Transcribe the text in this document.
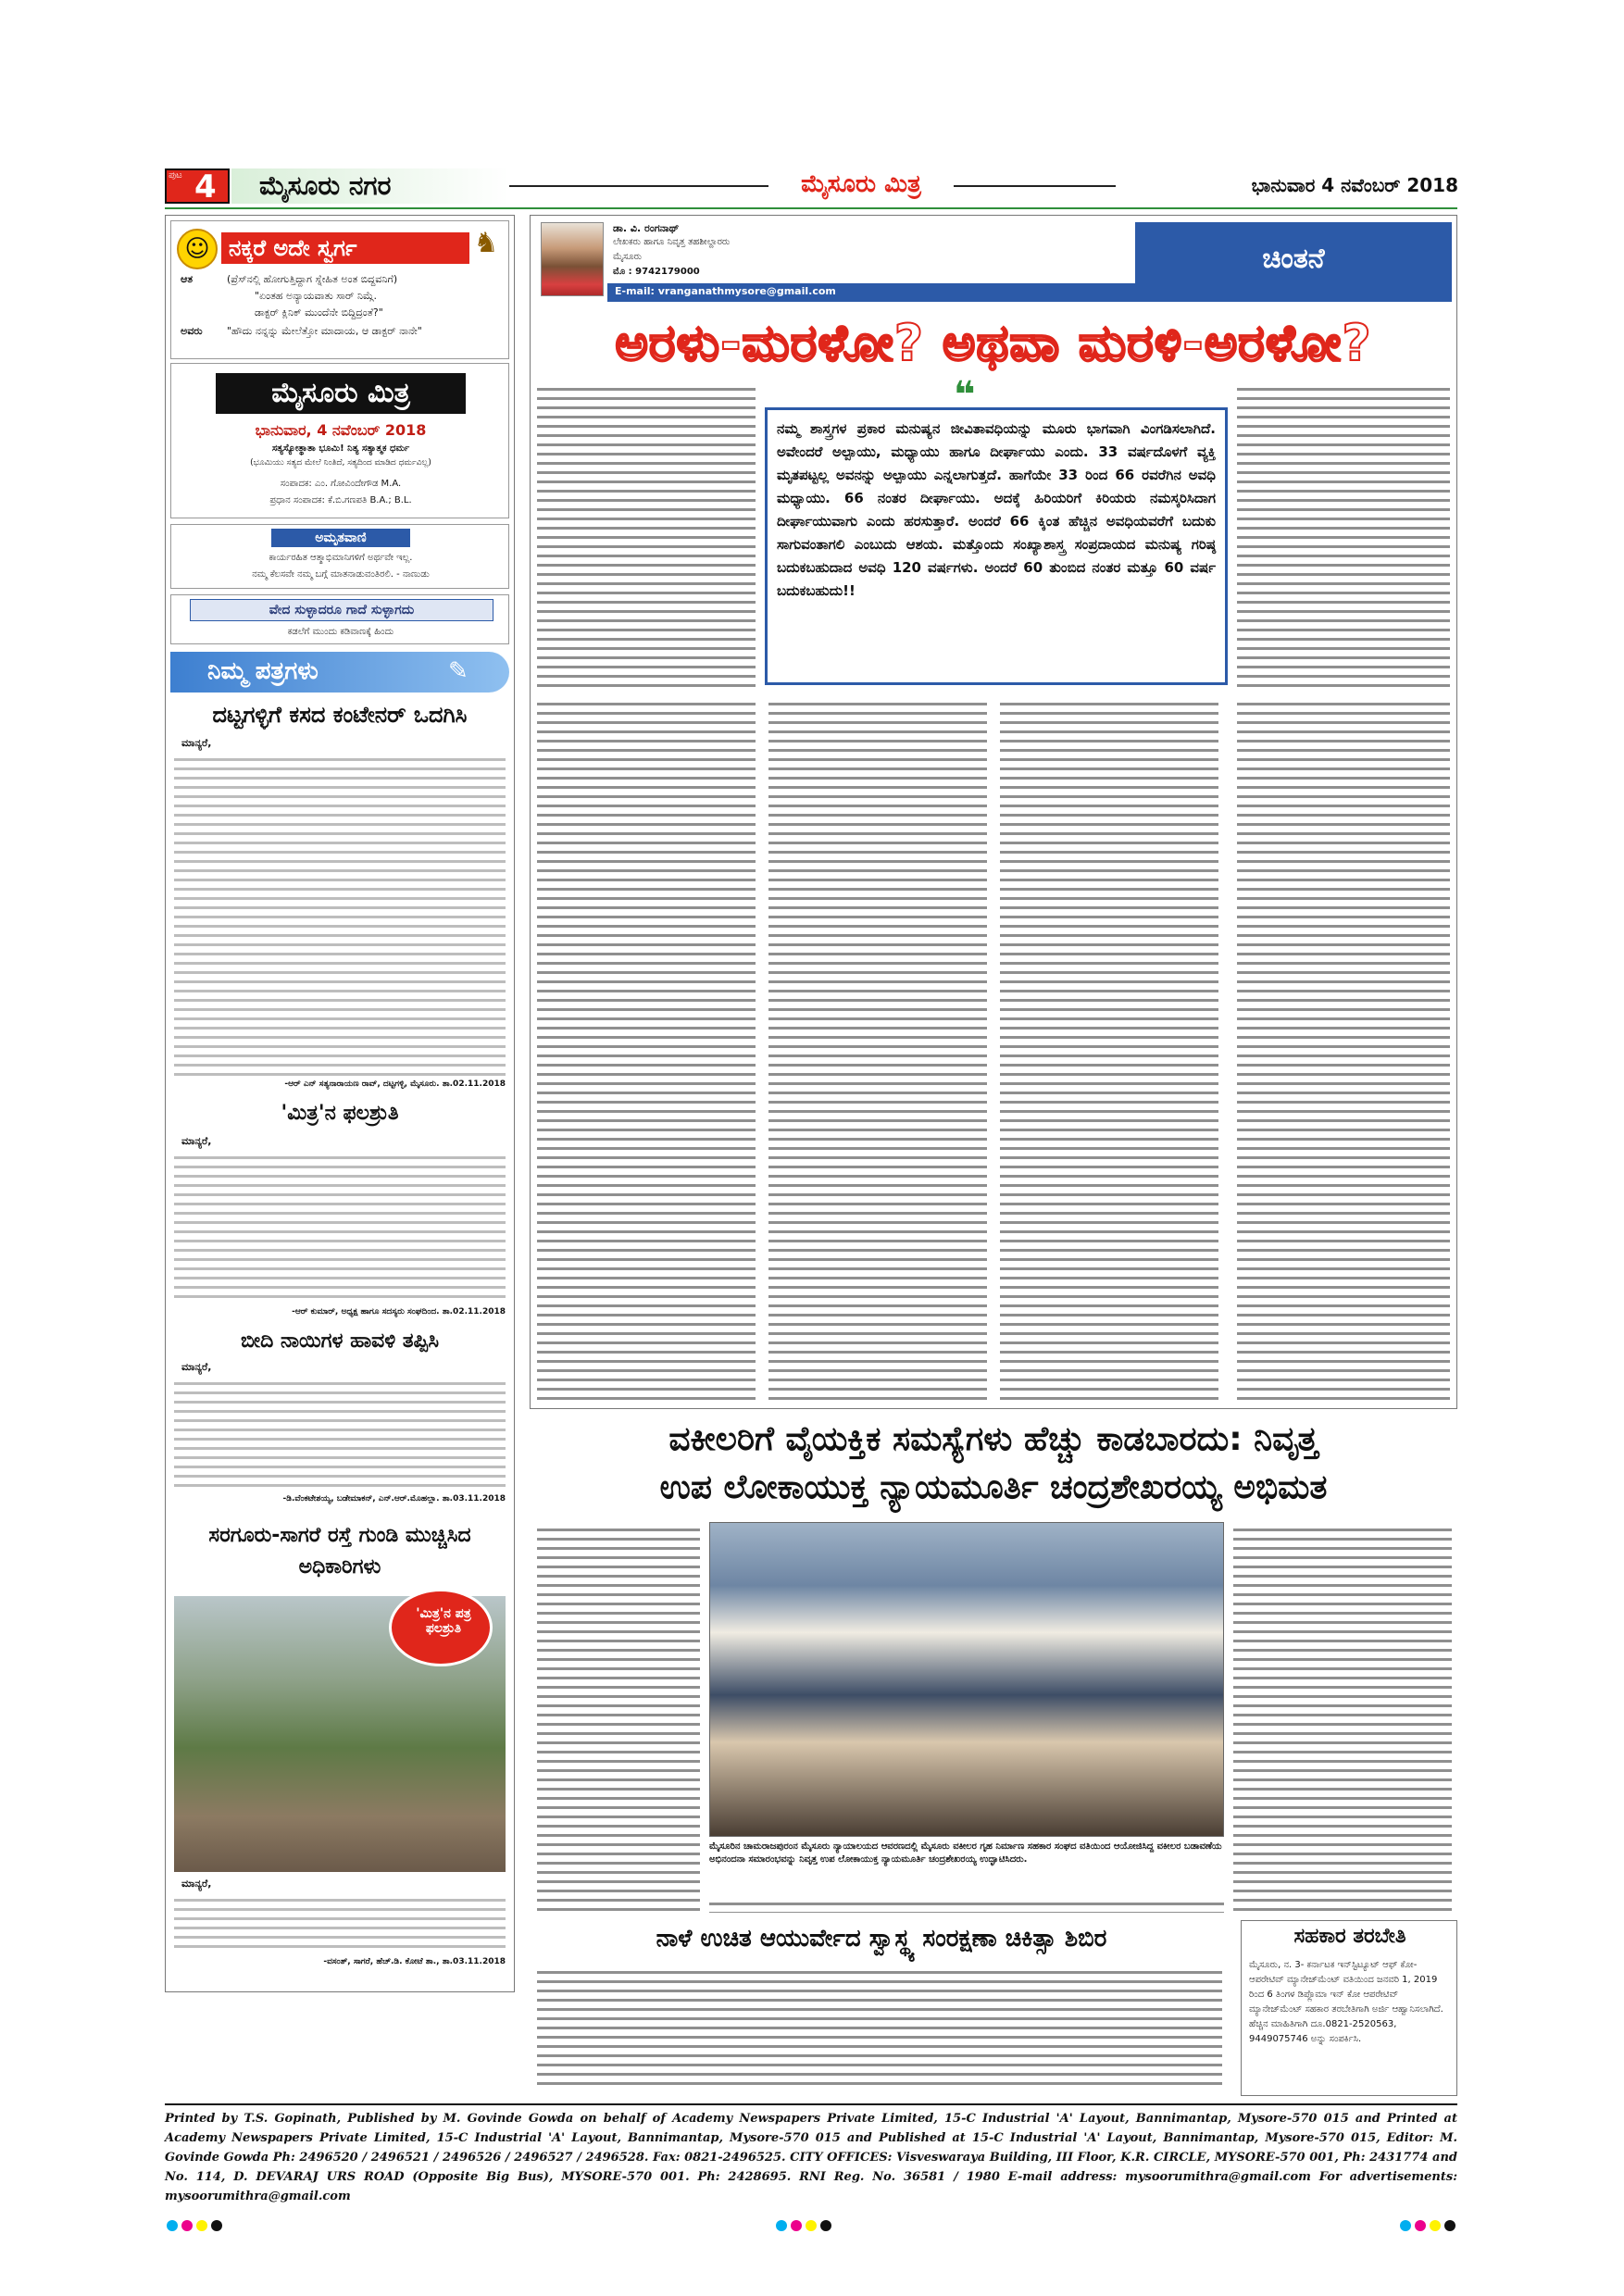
ಪುಟ 4 ಮೈಸೂರು ನಗರ	ಮೈಸೂರು ಮಿತ್ರ	ಭಾನುವಾರ 4 ನವೆಂಬರ್ 2018
☺ ನಕ್ಕರೆ ಅದೇ ಸ್ವರ್ಗ	♞
ಆತ	(ಪ್ರೆಸ್‌ನಲ್ಲಿ ಹೋಗುತ್ತಿದ್ದಾಗ ಸ್ನೇಹಿತ ಅಂತ ಬಿದ್ದವನಿಗೆ)
"ಏಂತಹ ಅನ್ಯಾಯವಾತು ಸಾರ್ ನಿಮ್ಗೆ.
ಡಾಕ್ಟರ್ ಕ್ಲಿನಿಕ್ ಮುಂದೆನೇ ಬಿದ್ದಿದ್ರಂತೆ?"
ಅವರು "ಹೌದು ನನ್ನನ್ನು ಮೇಲೆತ್ತೋ ಮಾದಾಯ, ಆ ಡಾಕ್ಟರ್ ನಾನೇ"
ಮೈಸೂರು ಮಿತ್ರ
ಭಾನುವಾರ, 4 ನವೆಂಬರ್ 2018
ಸತ್ಯಸ್ಯೋತ್ಥಾತಾ ಭೂಮಿ! ನಿತ್ಯ ಸತ್ಯಾತ್ಮಕ ಧರ್ಮ
(ಭೂಮಿಯು ಸತ್ಯದ ಮೇಲೆ ನಿಂತಿದೆ, ಸತ್ಯದಿಂದ ಮಾಡಿದ ಧರ್ಮವಿಲ್ಲ)
ಸಂಪಾದಕ: ಎಂ. ಗೋವಿಂದೇಗೌಡ M.A.
ಪ್ರಧಾನ ಸಂಪಾದಕ: ಕೆ.ಬಿ.ಗಣಪತಿ B.A.; B.L.
ಅಮೃತವಾಣಿ
ಕಾರ್ಯರಹಿತ ಆತ್ಮಾಭಿಮಾನಿಗಳಿಗೆ ಅರ್ಥವೇ ಇಲ್ಲ.
ನಮ್ಮ ಕೆಲಸವೇ ನಮ್ಮ ಬಗ್ಗೆ ಮಾತನಾಡುವಂತಿರಲಿ. - ನಾಣುಡು
ವೇದ ಸುಳ್ಳಾದರೂ ಗಾದೆ ಸುಳ್ಳಾಗದು
ಕಡಲೆಗೆ ಮುಂದು ಕಡಿವಾಣಕ್ಕೆ ಹಿಂದು
ನಿಮ್ಮ ಪತ್ರಗಳು	✎
ದಟ್ಟಗಳ್ಳಿಗೆ ಕಸದ ಕಂಟೇನರ್ ಒದಗಿಸಿ
ಮಾನ್ಯರೆ,
-ಆರ್ ಎನ್ ಸತ್ಯನಾರಾಯಣ ರಾವ್, ದಟ್ಟಗಳ್ಳಿ, ಮೈಸೂರು. ತಾ.02.11.2018
'ಮಿತ್ರ'ನ ಫಲಶ್ರುತಿ
ಮಾನ್ಯರೆ,
-ಆರ್ ಕುಮಾರ್, ಅಧ್ಯಕ್ಷ ಹಾಗೂ ಸದಸ್ಯರು ಸಂಘದಿಂದ. ತಾ.02.11.2018
ಬೀದಿ ನಾಯಿಗಳ ಹಾವಳಿ ತಪ್ಪಿಸಿ
ಮಾನ್ಯರೆ,
-ಡಿ.ವೆಂಕಟೇಶಯ್ಯ, ಬಡೇಮಾಕನ್, ಎನ್.ಆರ್.ಮೊಹಲ್ಲಾ. ತಾ.03.11.2018
ಸರಗೂರು-ಸಾಗರೆ ರಸ್ತೆ ಗುಂಡಿ ಮುಚ್ಚಿಸಿದ ಅಧಿಕಾರಿಗಳು
'ಮಿತ್ರ'ನ ಪತ್ರ ಫಲಶ್ರುತಿ
ಮಾನ್ಯರೆ,
-ವಸಂತ್, ಸಾಗರೆ, ಹೆಚ್.ಡಿ. ಕೋಟೆ ತಾ., ತಾ.03.11.2018
ಡಾ. ವಿ. ರಂಗನಾಥ್
ಲೇಖಕರು ಹಾಗೂ ನಿವೃತ್ತ ತಹಶೀಲ್ದಾರರು
ಮೈಸೂರು
ಮೊ : 9742179000
E-mail: vranganathmysore@gmail.com
ಚಿಂತನೆ
ಅರಳು-ಮರಳೋ? ಅಥವಾ ಮರಳಿ-ಅರಳೋ?
❝
ನಮ್ಮ ಶಾಸ್ತ್ರಗಳ ಪ್ರಕಾರ ಮನುಷ್ಯನ ಜೀವಿತಾವಧಿಯನ್ನು ಮೂರು ಭಾಗವಾಗಿ ವಿಂಗಡಿಸಲಾಗಿದೆ. ಅವೇಂದರೆ ಅಲ್ಪಾಯು, ಮಧ್ಯಾಯು ಹಾಗೂ ದೀರ್ಘಾಯು ಎಂದು. 33 ವರ್ಷದೊಳಗೆ ವ್ಯಕ್ತಿ ಮೃತಪಟ್ಟಲ್ಲ ಅವನನ್ನು ಅಲ್ಪಾಯು ಎನ್ನಲಾಗುತ್ತದೆ. ಹಾಗೆಯೇ 33 ರಿಂದ 66 ರವರೆಗಿನ ಅವಧಿ ಮಧ್ಯಾಯು. 66 ನಂತರ ದೀರ್ಘಾಯು. ಅದಕ್ಕೆ ಹಿರಿಯರಿಗೆ ಕಿರಿಯರು ನಮಸ್ಕರಿಸಿದಾಗ ದೀರ್ಘಾಯುವಾಗು ಎಂದು ಹರಸುತ್ತಾರೆ. ಅಂದರೆ 66 ಕ್ಕಿಂತ ಹೆಚ್ಚಿನ ಅವಧಿಯವರೆಗೆ ಬದುಕು ಸಾಗುವಂತಾಗಲಿ ಎಂಬುದು ಆಶಯ. ಮತ್ತೊಂದು ಸಂಖ್ಯಾಶಾಸ್ತ್ರ ಸಂಪ್ರದಾಯದ ಮನುಷ್ಯ ಗರಿಷ್ಠ ಬದುಕಬಹುದಾದ ಅವಧಿ 120 ವರ್ಷಗಳು. ಅಂದರೆ 60 ತುಂಬಿದ ನಂತರ ಮತ್ತೂ 60 ವರ್ಷ ಬದುಕಬಹುದು!!
ವಕೀಲರಿಗೆ ವೈಯಕ್ತಿಕ ಸಮಸ್ಯೆಗಳು ಹೆಚ್ಚು ಕಾಡಬಾರದು: ನಿವೃತ್ತ
ಉಪ ಲೋಕಾಯುಕ್ತ ನ್ಯಾಯಮೂರ್ತಿ ಚಂದ್ರಶೇಖರಯ್ಯ ಅಭಿಮತ
ಮೈಸೂರಿನ ಚಾಮರಾಜಪುರಂನ ಮೈಸೂರು ನ್ಯಾಯಾಲಯದ ಆವರಣದಲ್ಲಿ ಮೈಸೂರು ವಕೀಲರ ಗೃಹ ನಿರ್ಮಾಣ ಸಹಕಾರ ಸಂಘದ ವತಿಯಿಂದ ಆಯೋಜಿಸಿದ್ದ ವಕೀಲರ ಬಡಾವಣೆಯ ಅಭಿನಂದನಾ ಸಮಾರಂಭವನ್ನು ನಿವೃತ್ತ ಉಪ ಲೋಕಾಯುಕ್ತ ನ್ಯಾಯಮೂರ್ತಿ ಚಂದ್ರಶೇಖರಯ್ಯ ಉದ್ಘಾಟಿಸಿದರು.
ನಾಳೆ ಉಚಿತ ಆಯುರ್ವೇದ ಸ್ವಾಸ್ಥ್ಯ ಸಂರಕ್ಷಣಾ ಚಿಕಿತ್ಸಾ ಶಿಬಿರ	ಸಹಕಾರ ತರಬೇತಿ
ಮೈಸೂರು, ನ. 3- ಕರ್ನಾಟಕ ಇನ್‌ಸ್ಟಿಟ್ಯೂಟ್ ಆಫ್ ಕೋ-ಆಪರೇಟಿವ್ ಮ್ಯಾನೇಜ್‌ಮೆಂಟ್ ವತಿಯಿಂದ ಜನವರಿ 1, 2019 ರಿಂದ 6 ತಿಂಗಳ ಡಿಪ್ಲೊಮಾ ಇನ್ ಕೋ ಆಪರೇಟಿವ್ ಮ್ಯಾನೇಜ್‌ಮೆಂಟ್ ಸಹಕಾರ ತರಬೇತಿಗಾಗಿ ಅರ್ಜಿ ಆಹ್ವಾನಿಸಲಾಗಿದೆ. ಹೆಚ್ಚಿನ ಮಾಹಿತಿಗಾಗಿ ದೂ.0821-2520563, 9449075746 ಅನ್ನು ಸಂಪರ್ಕಿಸಿ.
Printed by T.S. Gopinath, Published by M. Govinde Gowda on behalf of Academy Newspapers Private Limited, 15-C Industrial 'A' Layout, Bannimantap, Mysore-570 015 and Printed at Academy Newspapers Private Limited, 15-C Industrial 'A' Layout, Bannimantap, Mysore-570 015 and Published at 15-C Industrial 'A' Layout, Bannimantap, Mysore-570 015, Editor: M. Govinde Gowda Ph: 2496520 / 2496521 / 2496526 / 2496527 / 2496528. Fax: 0821-2496525. CITY OFFICES: Visveswaraya Building, III Floor, K.R. CIRCLE, MYSORE-570 001, Ph: 2431774 and No. 114, D. DEVARAJ URS ROAD (Opposite Big Bus), MYSORE-570 001. Ph: 2428695. RNI Reg. No. 36581 / 1980 E-mail address: mysoorumithra@gmail.com For advertisements: mysoorumithra@gmail.com
